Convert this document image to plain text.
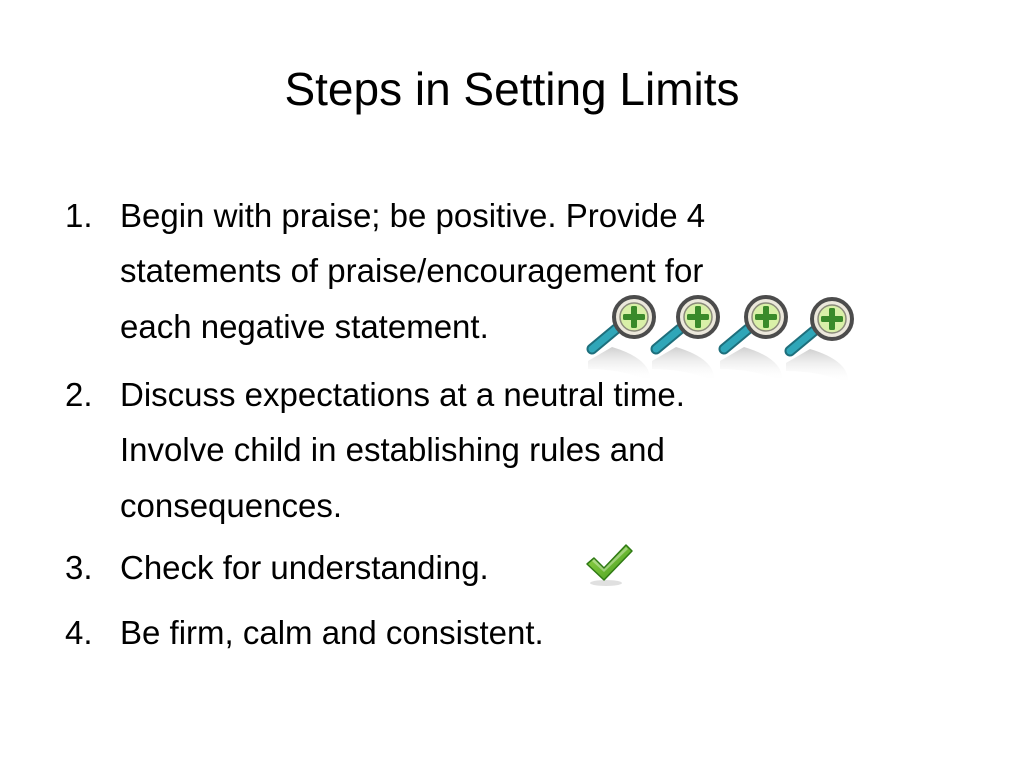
Steps in Setting Limits
1. Begin with praise; be positive. Provide 4
statements of praise/encouragement for
each negative statement.
2. Discuss expectations at a neutral time.
Involve child in establishing rules and
consequences.
3. Check for understanding.
4. Be firm, calm and consistent.
